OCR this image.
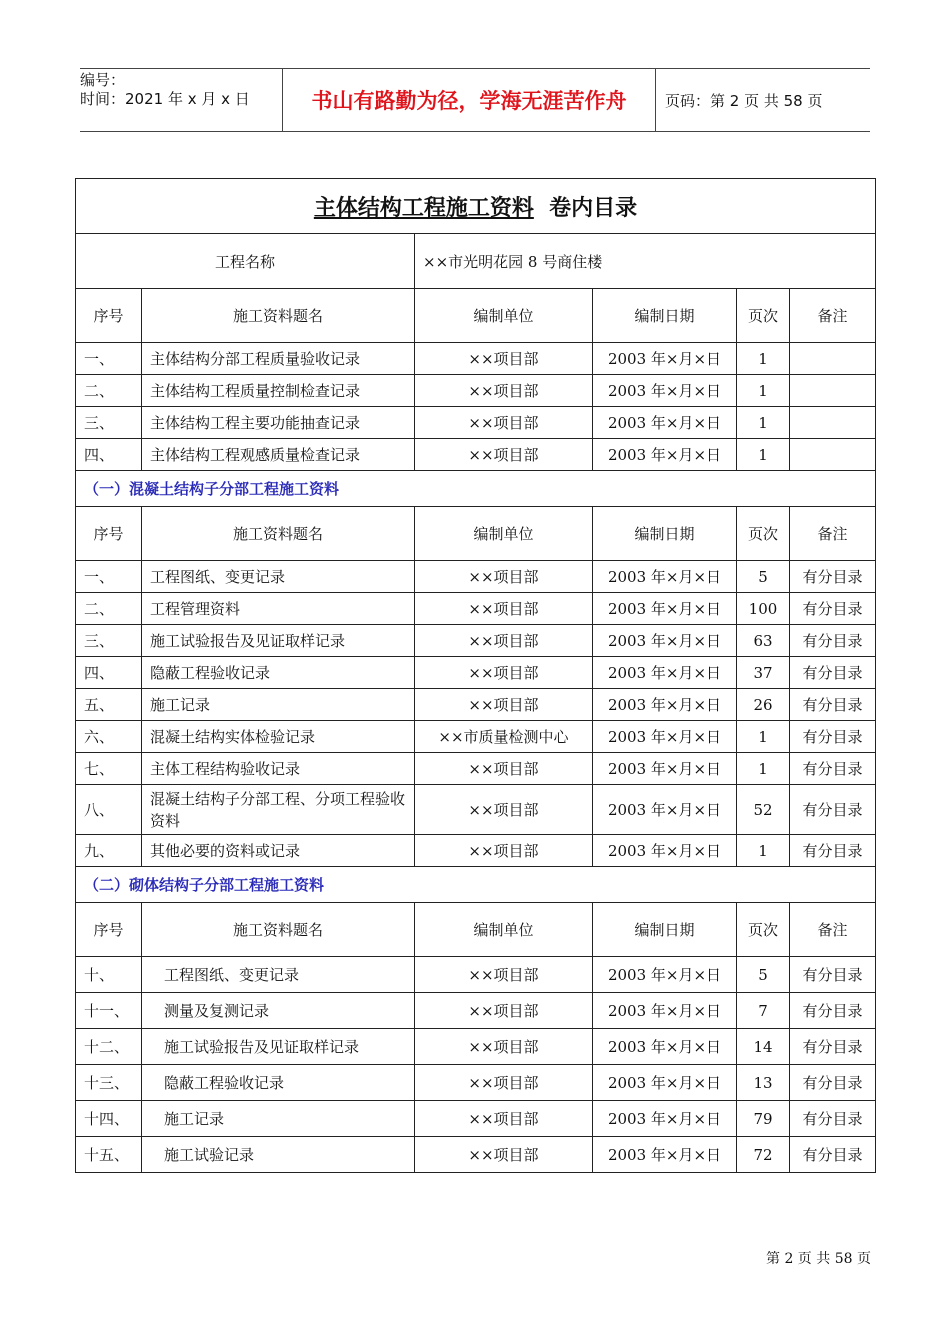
编号：
时间：2021 年 x 月 x 日	书山有路勤为径，学海无涯苦作舟	页码：第 2 页 共 58 页
主体结构工程施工资料 卷内目录					
工程名称		××市光明花园 8 号商住楼			
序号	施工资料题名	编制单位	编制日期	页次	备注
一、	主体结构分部工程质量验收记录	××项目部	2003 年×月×日	1	
二、	主体结构工程质量控制检查记录	××项目部	2003 年×月×日	1	
三、	主体结构工程主要功能抽查记录	××项目部	2003 年×月×日	1	
四、	主体结构工程观感质量检查记录	××项目部	2003 年×月×日	1	
（一）混凝土结构子分部工程施工资料					
序号	施工资料题名	编制单位	编制日期	页次	备注
一、	工程图纸、变更记录	××项目部	2003 年×月×日	5	有分目录
二、	工程管理资料	××项目部	2003 年×月×日	100	有分目录
三、	施工试验报告及见证取样记录	××项目部	2003 年×月×日	63	有分目录
四、	隐蔽工程验收记录	××项目部	2003 年×月×日	37	有分目录
五、	施工记录	××项目部	2003 年×月×日	26	有分目录
六、	混凝土结构实体检验记录	××市质量检测中心	2003 年×月×日	1	有分目录
七、	主体工程结构验收记录	××项目部	2003 年×月×日	1	有分目录
八、	混凝土结构子分部工程、分项工程验收资料	××项目部	2003 年×月×日	52	有分目录
九、	其他必要的资料或记录	××项目部	2003 年×月×日	1	有分目录
（二）砌体结构子分部工程施工资料					
序号	施工资料题名	编制单位	编制日期	页次	备注
十、	工程图纸、变更记录	××项目部	2003 年×月×日	5	有分目录
十一、	测量及复测记录	××项目部	2003 年×月×日	7	有分目录
十二、	施工试验报告及见证取样记录	××项目部	2003 年×月×日	14	有分目录
十三、	隐蔽工程验收记录	××项目部	2003 年×月×日	13	有分目录
十四、	施工记录	××项目部	2003 年×月×日	79	有分目录
十五、	施工试验记录	××项目部	2003 年×月×日	72	有分目录
第 2 页 共 58 页
